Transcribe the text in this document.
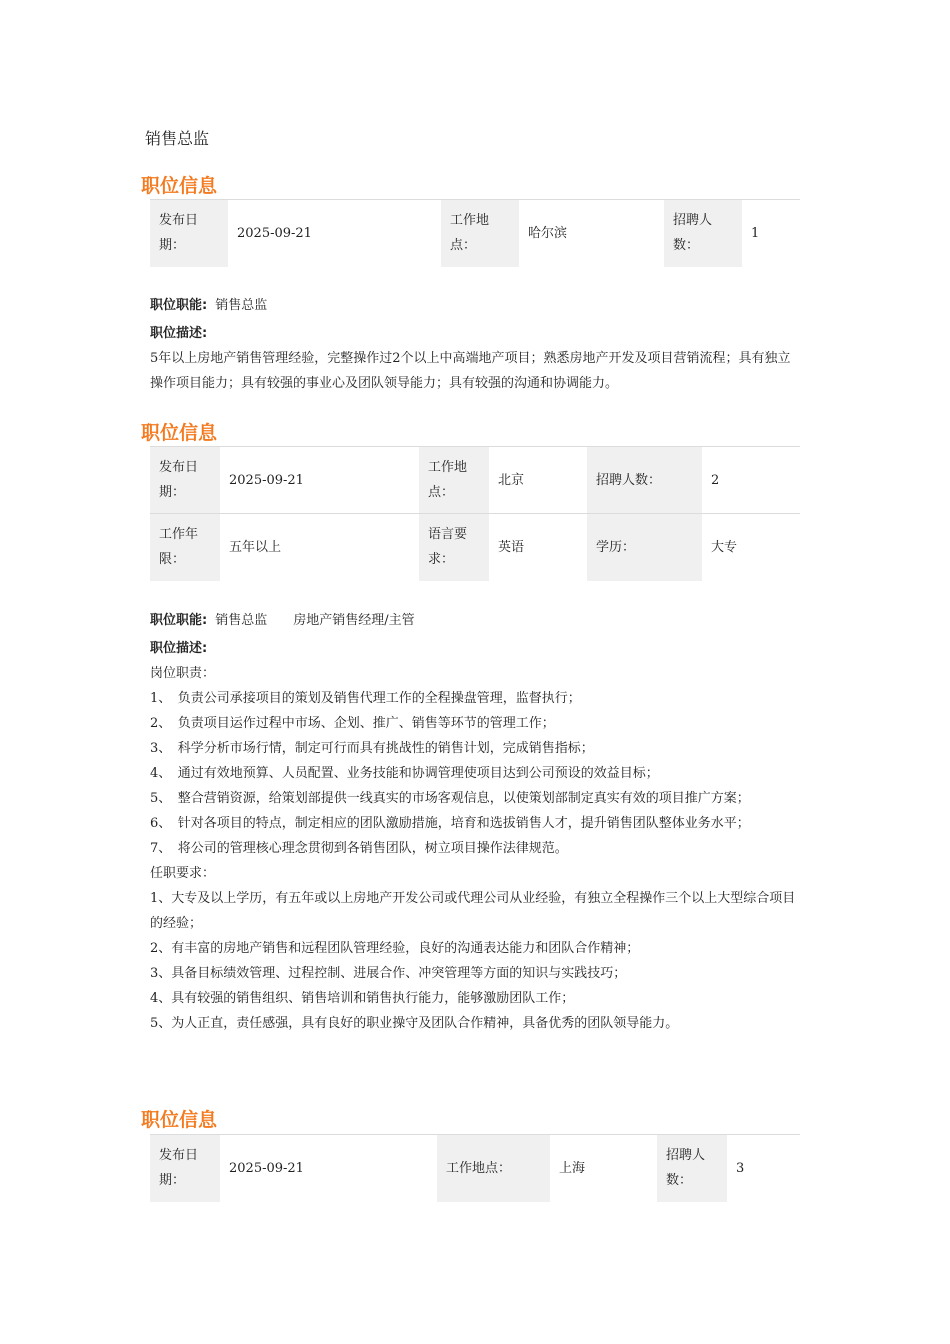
销售总监
职位信息
发布日期：	2025-09-21	工作地点：	哈尔滨	招聘人数：	1
职位职能: 销售总监
职位描述:

5年以上房地产销售管理经验，完整操作过2个以上中高端地产项目；熟悉房地产开发及项目营销流程；具有独立操作项目能力；具有较强的事业心及团队领导能力；具有较强的沟通和协调能力。

职位信息
发布日期：	2025-09-21	工作地点：	北京	招聘人数：	2
工作年限：	五年以上	语言要求：	英语	学历：	大专
职位职能: 销售总监　　房地产销售经理/主管
职位描述:

岗位职责：

1、　负责公司承接项目的策划及销售代理工作的全程操盘管理，监督执行；

2、　负责项目运作过程中市场、企划、推广、销售等环节的管理工作；

3、　科学分析市场行情，制定可行而具有挑战性的销售计划，完成销售指标；

4、　通过有效地预算、人员配置、业务技能和协调管理使项目达到公司预设的效益目标；

5、　整合营销资源，给策划部提供一线真实的市场客观信息，以使策划部制定真实有效的项目推广方案；

6、　针对各项目的特点，制定相应的团队激励措施，培育和选拔销售人才，提升销售团队整体业务水平；

7、　将公司的管理核心理念贯彻到各销售团队，树立项目操作法律规范。

任职要求：

1、大专及以上学历，有五年或以上房地产开发公司或代理公司从业经验，有独立全程操作三个以上大型综合项目的经验；

2、有丰富的房地产销售和远程团队管理经验，良好的沟通表达能力和团队合作精神；

3、具备目标绩效管理、过程控制、进展合作、冲突管理等方面的知识与实践技巧；

4、具有较强的销售组织、销售培训和销售执行能力，能够激励团队工作；

5、为人正直，责任感强，具有良好的职业操守及团队合作精神，具备优秀的团队领导能力。

职位信息
发布日期：	2025-09-21	工作地点：	上海	招聘人数：	3
